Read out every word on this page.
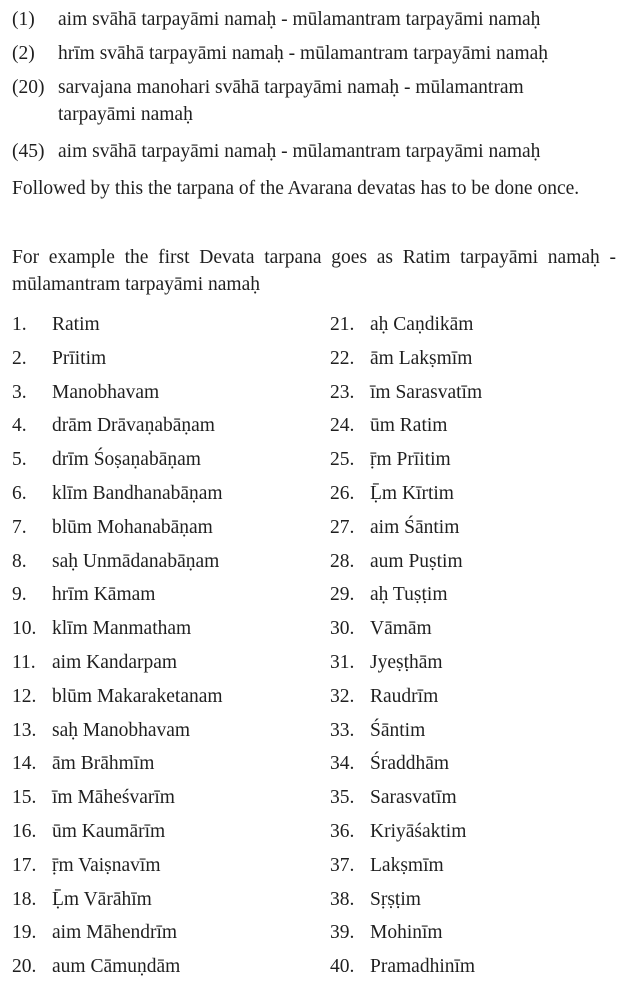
(1) aim svāhā tarpayāmi namaḥ - mūlamantram tarpayāmi namaḥ
(2) hrīm svāhā tarpayāmi namaḥ - mūlamantram tarpayāmi namaḥ
(20) sarvajana manohari svāhā tarpayāmi namaḥ - mūlamantram
tarpayāmi namaḥ
(45) aim svāhā tarpayāmi namaḥ - mūlamantram tarpayāmi namaḥ
Followed by this the tarpana of the Avarana devatas has to be done once.
For example the first Devata tarpana goes as Ratim tarpayāmi namaḥ - mūlamantram tarpayāmi namaḥ
1. Ratim
2. Prīitim
3. Manobhavam
4. drām Drāvaṇabāṇam
5. drīm Śoṣaṇabāṇam
6. klīm Bandhanabāṇam
7. blūm Mohanabāṇam
8. saḥ Unmādanabāṇam
9. hrīm Kāmam
10. klīm Manmatham
11. aim Kandarpam
12. blūm Makaraketanam
13. saḥ Manobhavam
14. ām Brāhmīm
15. īm Māheśvarīm
16. ūm Kaumārīm
17. ṝm Vaiṣnavīm
18. Ḹm Vārāhīm
19. aim Māhendrīm
20. aum Cāmuṇdām
21. aḥ Caṇdikām
22. ām Lakṣmīm
23. īm Sarasvatīm
24. ūm Ratim
25. ṝm Prīitim
26. Ḹm Kīrtim
27. aim Śāntim
28. aum Puṣtim
29. aḥ Tuṣṭim
30. Vāmām
31. Jyeṣṭhām
32. Raudrīm
33. Śāntim
34. Śraddhām
35. Sarasvatīm
36. Kriyāśaktim
37. Lakṣmīm
38. Sṛṣṭim
39. Mohinīm
40. Pramadhinīm
